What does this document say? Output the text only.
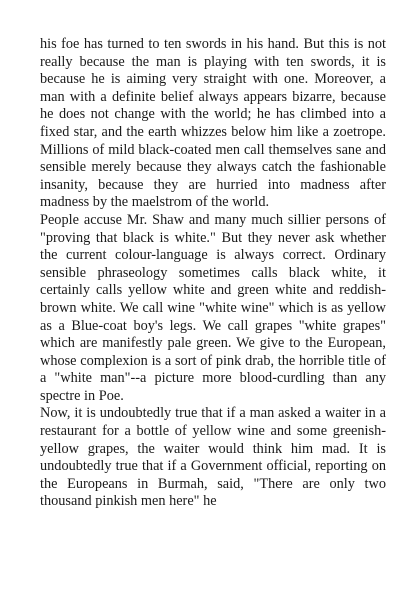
his foe has turned to ten swords in his hand. But this is not really because the man is playing with ten swords, it is because he is aiming very straight with one. Moreover, a man with a definite belief always appears bizarre, because he does not change with the world; he has climbed into a fixed star, and the earth whizzes below him like a zoetrope. Millions of mild black-coated men call themselves sane and sensible merely because they always catch the fashionable insanity, because they are hurried into madness after madness by the maelstrom of the world.

People accuse Mr. Shaw and many much sillier persons of "proving that black is white." But they never ask whether the current colour-language is always correct. Ordinary sensible phraseology sometimes calls black white, it certainly calls yellow white and green white and reddish-brown white. We call wine "white wine" which is as yellow as a Blue-coat boy's legs. We call grapes "white grapes" which are manifestly pale green. We give to the European, whose complexion is a sort of pink drab, the horrible title of a "white man"--a picture more blood-curdling than any spectre in Poe.

Now, it is undoubtedly true that if a man asked a waiter in a restaurant for a bottle of yellow wine and some greenish-yellow grapes, the waiter would think him mad. It is undoubtedly true that if a Government official, reporting on the Europeans in Burmah, said, "There are only two thousand pinkish men here" he
